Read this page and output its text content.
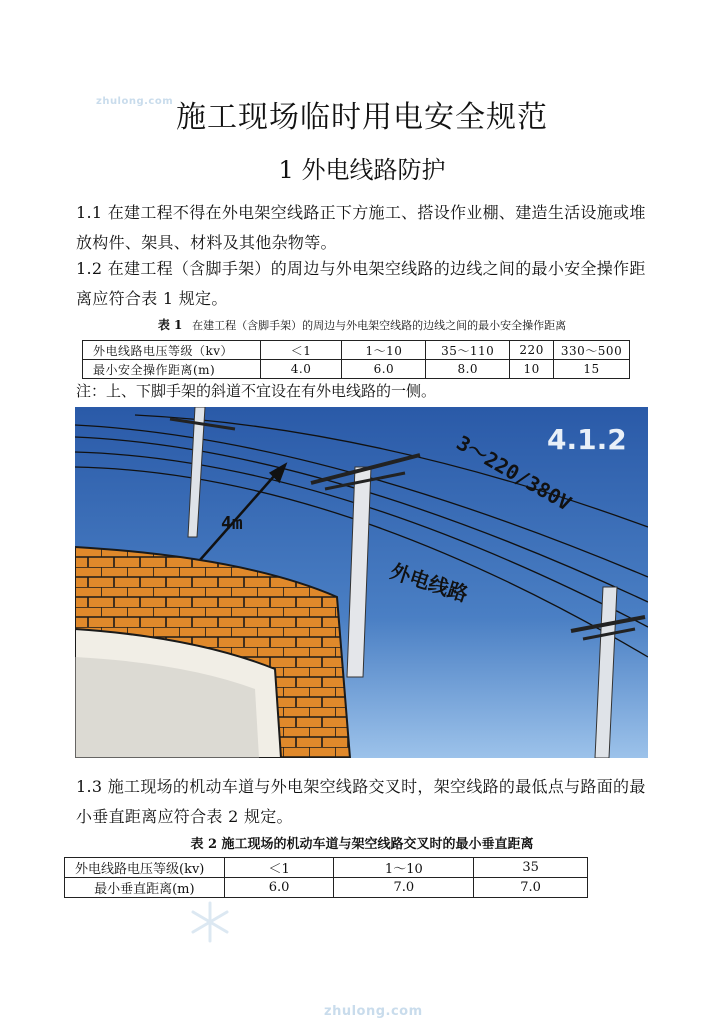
zhulong.com
zhulong.com
施工现场临时用电安全规范
1 外电线路防护
1.1 在建工程不得在外电架空线路正下方施工、搭设作业棚、建造生活设施或堆放构件、架具、材料及其他杂物等。
1.2 在建工程（含脚手架）的周边与外电架空线路的边线之间的最小安全操作距离应符合表 1 规定。
表 1 在建工程（含脚手架）的周边与外电架空线路的边线之间的最小安全操作距离
外电线路电压等级（kv）	＜1	1～10	35～110	220	330～500
最小安全操作距离(m)	4.0	6.0	8.0	10	15
注：上、下脚手架的斜道不宜设在有外电线路的一侧。
4m
4.1.2
3～220/380V
外电线路
1.3 施工现场的机动车道与外电架空线路交叉时，架空线路的最低点与路面的最小垂直距离应符合表 2 规定。
表 2 施工现场的机动车道与架空线路交叉时的最小垂直距离
外电线路电压等级(kv)	＜1	1～10	35
最小垂直距离(m)	6.0	7.0	7.0
